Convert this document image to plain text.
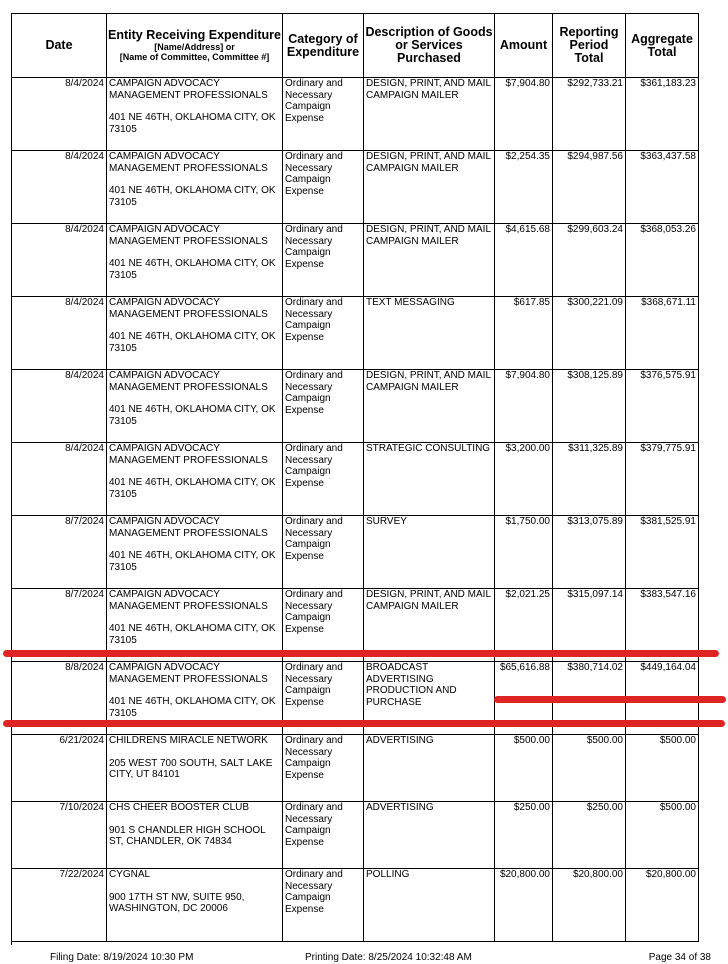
Date	Entity Receiving Expenditure
[Name/Address] or
[Name of Committee, Committee #]	Category of Expenditure	Description of Goods or Services Purchased	Amount	Reporting Period Total	Aggregate Total
8/4/2024	CAMPAIGN ADVOCACY MANAGEMENT PROFESSIONALS
401 NE 46TH, OKLAHOMA CITY, OK 73105	Ordinary and Necessary Campaign Expense	DESIGN, PRINT, AND MAIL CAMPAIGN MAILER	$7,904.80	$292,733.21	$361,183.23
8/4/2024	CAMPAIGN ADVOCACY MANAGEMENT PROFESSIONALS
401 NE 46TH, OKLAHOMA CITY, OK 73105	Ordinary and Necessary Campaign Expense	DESIGN, PRINT, AND MAIL CAMPAIGN MAILER	$2,254.35	$294,987.56	$363,437.58
8/4/2024	CAMPAIGN ADVOCACY MANAGEMENT PROFESSIONALS
401 NE 46TH, OKLAHOMA CITY, OK 73105	Ordinary and Necessary Campaign Expense	DESIGN, PRINT, AND MAIL CAMPAIGN MAILER	$4,615.68	$299,603.24	$368,053.26
8/4/2024	CAMPAIGN ADVOCACY MANAGEMENT PROFESSIONALS
401 NE 46TH, OKLAHOMA CITY, OK 73105	Ordinary and Necessary Campaign Expense	TEXT MESSAGING	$617.85	$300,221.09	$368,671.11
8/4/2024	CAMPAIGN ADVOCACY MANAGEMENT PROFESSIONALS
401 NE 46TH, OKLAHOMA CITY, OK 73105	Ordinary and Necessary Campaign Expense	DESIGN, PRINT, AND MAIL CAMPAIGN MAILER	$7,904.80	$308,125.89	$376,575.91
8/4/2024	CAMPAIGN ADVOCACY MANAGEMENT PROFESSIONALS
401 NE 46TH, OKLAHOMA CITY, OK 73105	Ordinary and Necessary Campaign Expense	STRATEGIC CONSULTING	$3,200.00	$311,325.89	$379,775.91
8/7/2024	CAMPAIGN ADVOCACY MANAGEMENT PROFESSIONALS
401 NE 46TH, OKLAHOMA CITY, OK 73105	Ordinary and Necessary Campaign Expense	SURVEY	$1,750.00	$313,075.89	$381,525.91
8/7/2024	CAMPAIGN ADVOCACY MANAGEMENT PROFESSIONALS
401 NE 46TH, OKLAHOMA CITY, OK 73105	Ordinary and Necessary Campaign Expense	DESIGN, PRINT, AND MAIL CAMPAIGN MAILER	$2,021.25	$315,097.14	$383,547.16
8/8/2024	CAMPAIGN ADVOCACY MANAGEMENT PROFESSIONALS
401 NE 46TH, OKLAHOMA CITY, OK 73105	Ordinary and Necessary Campaign Expense	BROADCAST ADVERTISING PRODUCTION AND PURCHASE	$65,616.88	$380,714.02	$449,164.04
6/21/2024	CHILDRENS MIRACLE NETWORK
205 WEST 700 SOUTH, SALT LAKE CITY, UT 84101	Ordinary and Necessary Campaign Expense	ADVERTISING	$500.00	$500.00	$500.00
7/10/2024	CHS CHEER BOOSTER CLUB
901 S CHANDLER HIGH SCHOOL ST, CHANDLER, OK 74834	Ordinary and Necessary Campaign Expense	ADVERTISING	$250.00	$250.00	$500.00
7/22/2024	CYGNAL
900 17TH ST NW, SUITE 950, WASHINGTON, DC 20006	Ordinary and Necessary Campaign Expense	POLLING	$20,800.00	$20,800.00	$20,800.00
Filing Date: 8/19/2024 10:30 PM	Printing Date: 8/25/2024 10:32:48 AM	Page 34 of 38
